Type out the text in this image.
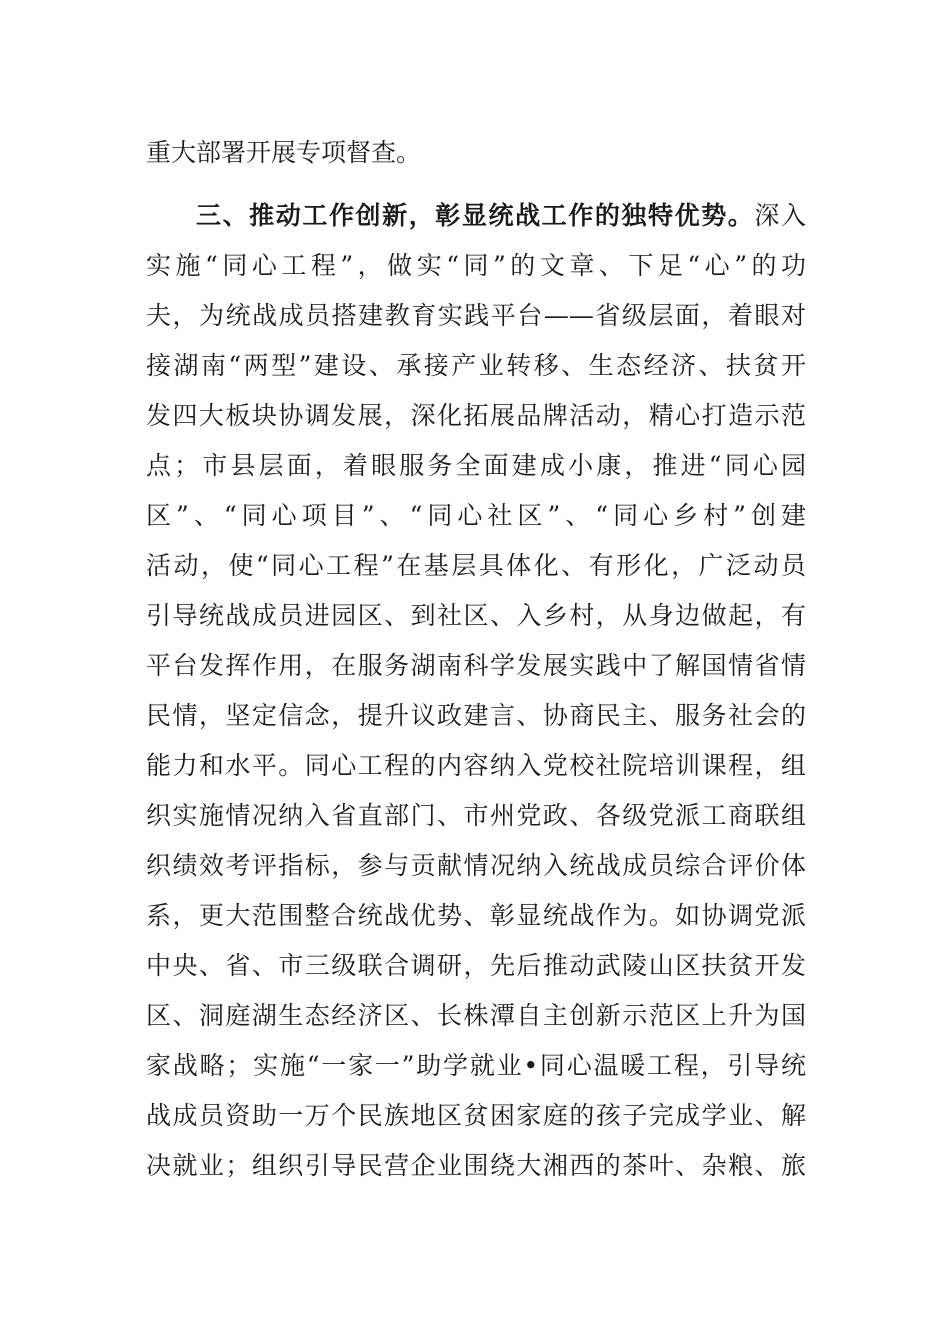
重大部署开展专项督查。
三、推动工作创新，彰显统战工作的独特优势。深入
实施“同心工程”，做实“同”的文章、下足“心”的功
夫，为统战成员搭建教育实践平台——省级层面，着眼对
接湖南“两型”建设、承接产业转移、生态经济、扶贫开
发四大板块协调发展，深化拓展品牌活动，精心打造示范
点；市县层面，着眼服务全面建成小康，推进“同心园
区”、“同心项目”、“同心社区”、“同心乡村”创建
活动，使“同心工程”在基层具体化、有形化，广泛动员
引导统战成员进园区、到社区、入乡村，从身边做起，有
平台发挥作用，在服务湖南科学发展实践中了解国情省情
民情，坚定信念，提升议政建言、协商民主、服务社会的
能力和水平。同心工程的内容纳入党校社院培训课程，组
织实施情况纳入省直部门、市州党政、各级党派工商联组
织绩效考评指标，参与贡献情况纳入统战成员综合评价体
系，更大范围整合统战优势、彰显统战作为。如协调党派
中央、省、市三级联合调研，先后推动武陵山区扶贫开发
区、洞庭湖生态经济区、长株潭自主创新示范区上升为国
家战略；实施“一家一”助学就业•同心温暖工程，引导统
战成员资助一万个民族地区贫困家庭的孩子完成学业、解
决就业；组织引导民营企业围绕大湘西的茶叶、杂粮、旅
